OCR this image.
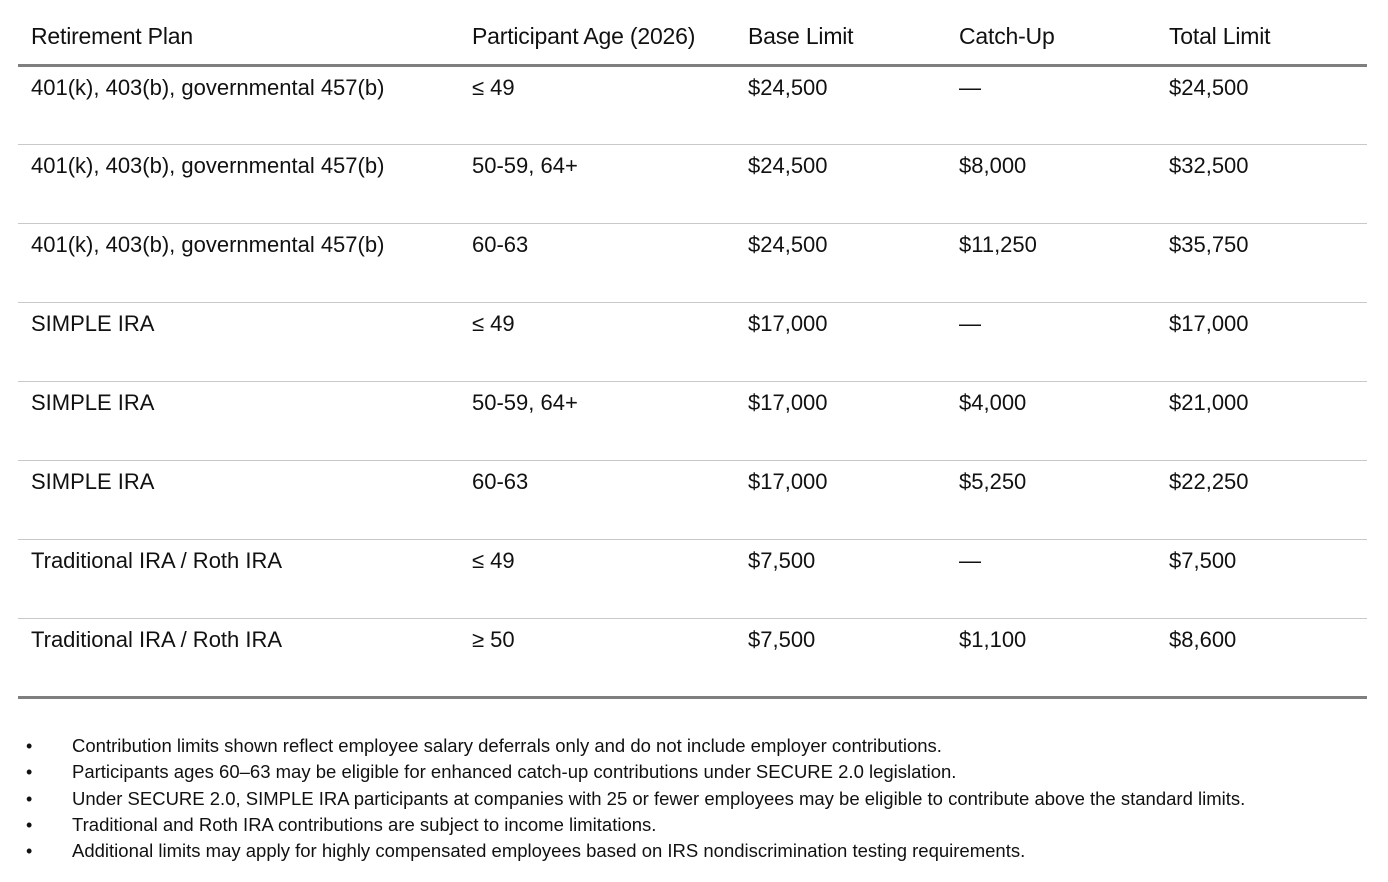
Retirement Plan	Participant Age (2026)	Base Limit	Catch-Up	Total Limit
401(k), 403(b), governmental 457(b)	≤ 49	$24,500	—	$24,500
401(k), 403(b), governmental 457(b)	50-59, 64+	$24,500	$8,000	$32,500
401(k), 403(b), governmental 457(b)	60-63	$24,500	$11,250	$35,750
SIMPLE IRA	≤ 49	$17,000	—	$17,000
SIMPLE IRA	50-59, 64+	$17,000	$4,000	$21,000
SIMPLE IRA	60-63	$17,000	$5,250	$22,250
Traditional IRA / Roth IRA	≤ 49	$7,500	—	$7,500
Traditional IRA / Roth IRA	≥ 50	$7,500	$1,100	$8,600
•	Contribution limits shown reflect employee salary deferrals only and do not include employer contributions.
•	Participants ages 60–63 may be eligible for enhanced catch-up contributions under SECURE 2.0 legislation.
•	Under SECURE 2.0, SIMPLE IRA participants at companies with 25 or fewer employees may be eligible to contribute above the standard limits.
•	Traditional and Roth IRA contributions are subject to income limitations.
•	Additional limits may apply for highly compensated employees based on IRS nondiscrimination testing requirements.
